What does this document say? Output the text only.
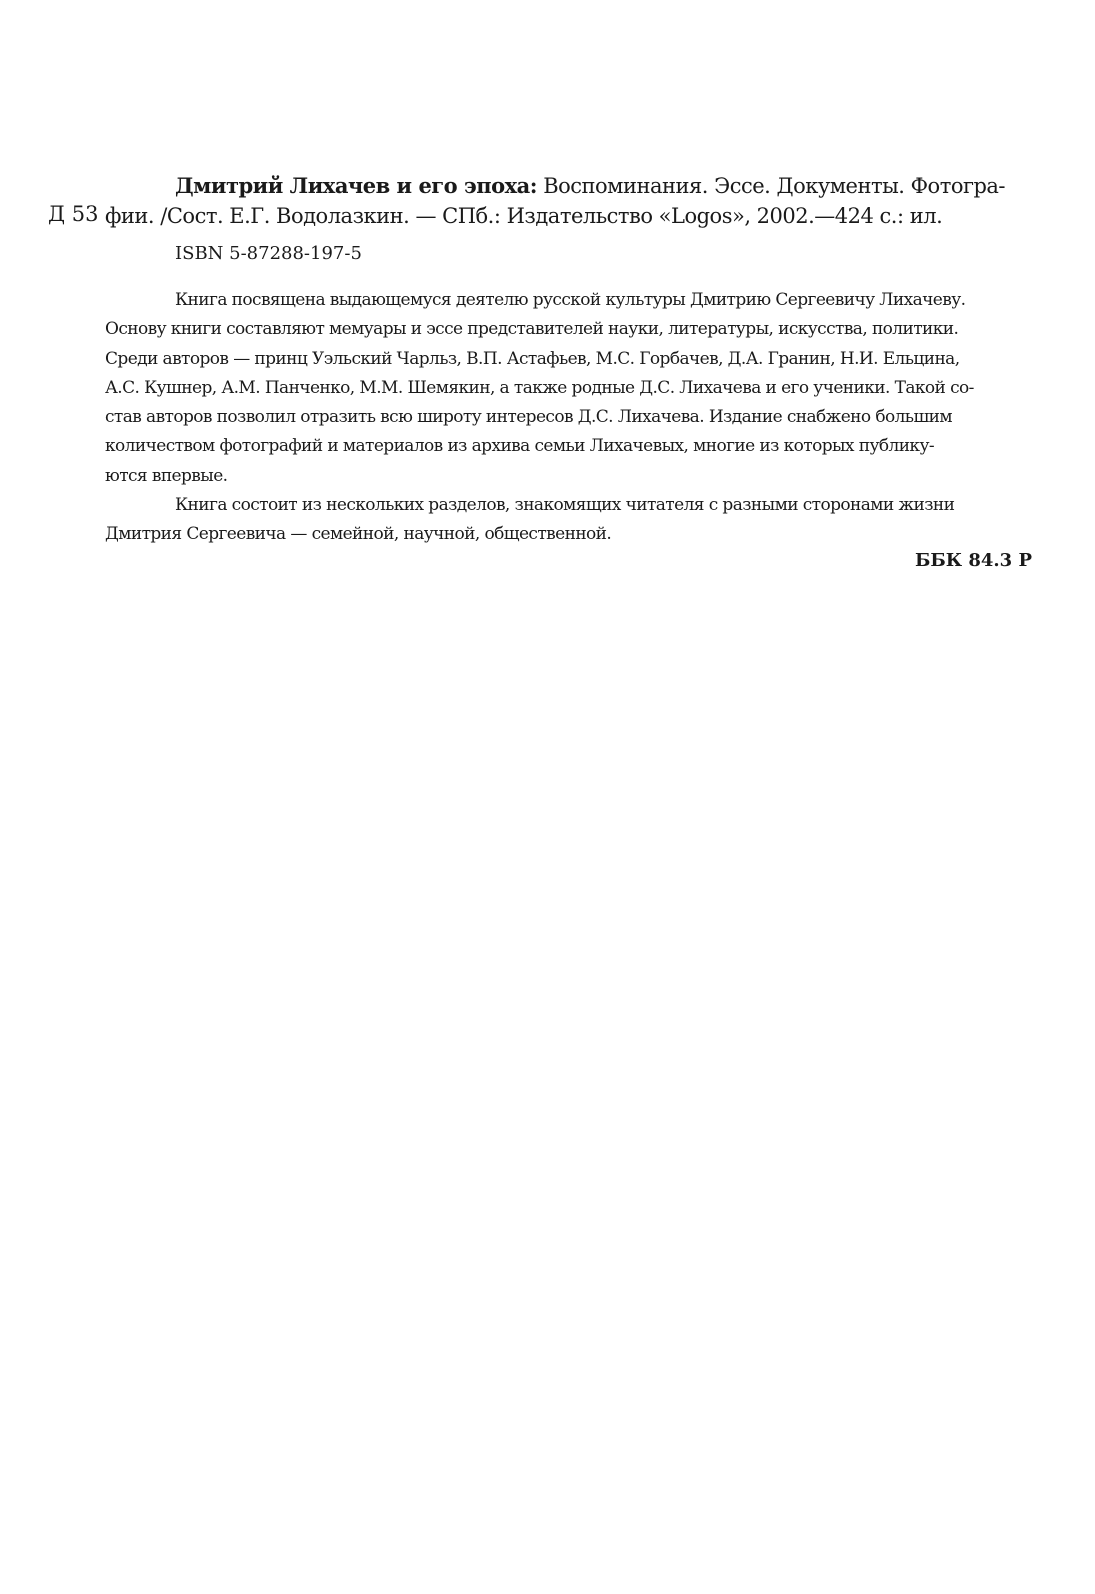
Д 53
Дмитрий Лихачев и его эпоха: Воспоминания. Эссе. Документы. Фотогра-
фии. /Сост. Е.Г. Водолазкин. — СПб.: Издательство «Logos», 2002.—424 с.: ил.
ISBN 5-87288-197-5
Книга посвящена выдающемуся деятелю русской культуры Дмитрию Сергеевичу Лихачеву.
Основу книги составляют мемуары и эссе представителей науки, литературы, искусства, политики.
Среди авторов — принц Уэльский Чарльз, В.П. Астафьев, М.С. Горбачев, Д.А. Гранин, Н.И. Ельцина,
А.С. Кушнер, А.М. Панченко, М.М. Шемякин, а также родные Д.С. Лихачева и его ученики. Такой со-
став авторов позволил отразить всю широту интересов Д.С. Лихачева. Издание снабжено большим
количеством фотографий и материалов из архива семьи Лихачевых, многие из которых публику-
ются впервые.
Книга состоит из нескольких разделов, знакомящих читателя с разными сторонами жизни
Дмитрия Сергеевича — семейной, научной, общественной.
ББК 84.3 Р
